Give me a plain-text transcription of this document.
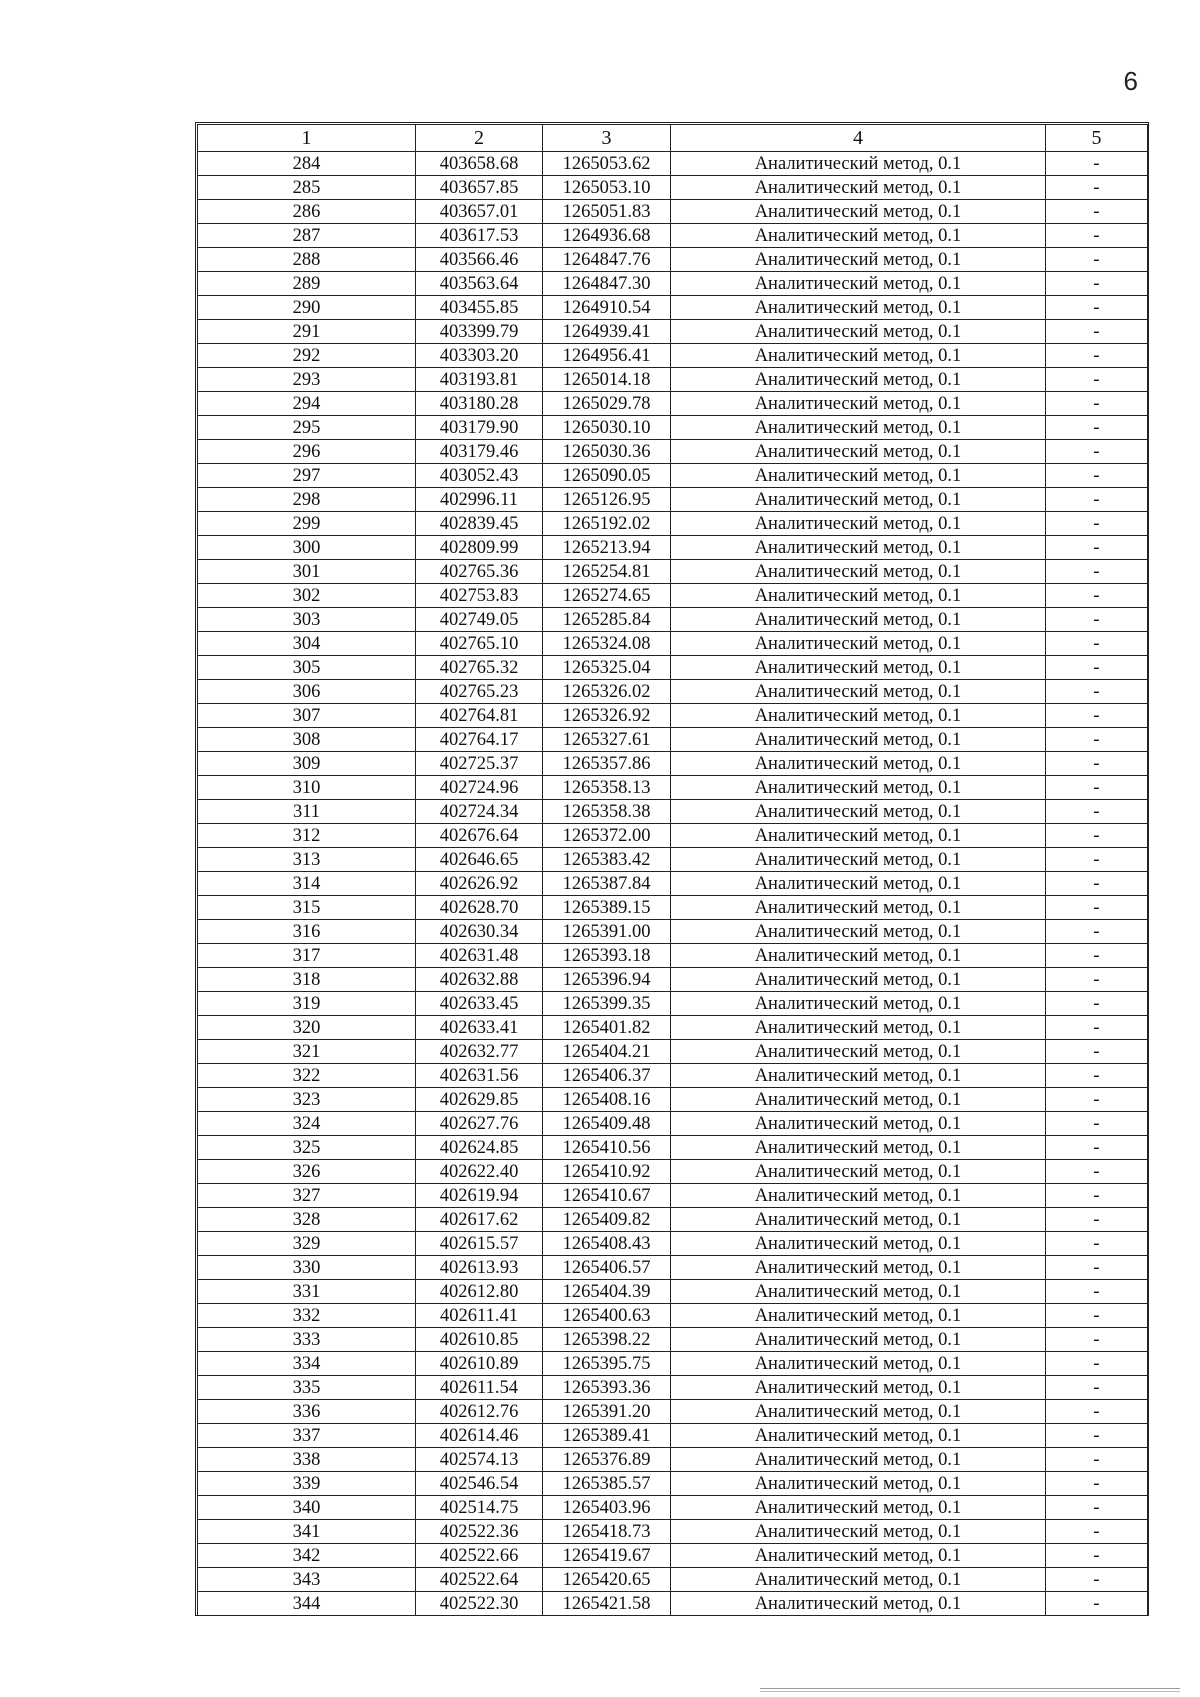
6
1	2	3	4	5
284	403658.68	1265053.62	Аналитический метод, 0.1	-
285	403657.85	1265053.10	Аналитический метод, 0.1	-
286	403657.01	1265051.83	Аналитический метод, 0.1	-
287	403617.53	1264936.68	Аналитический метод, 0.1	-
288	403566.46	1264847.76	Аналитический метод, 0.1	-
289	403563.64	1264847.30	Аналитический метод, 0.1	-
290	403455.85	1264910.54	Аналитический метод, 0.1	-
291	403399.79	1264939.41	Аналитический метод, 0.1	-
292	403303.20	1264956.41	Аналитический метод, 0.1	-
293	403193.81	1265014.18	Аналитический метод, 0.1	-
294	403180.28	1265029.78	Аналитический метод, 0.1	-
295	403179.90	1265030.10	Аналитический метод, 0.1	-
296	403179.46	1265030.36	Аналитический метод, 0.1	-
297	403052.43	1265090.05	Аналитический метод, 0.1	-
298	402996.11	1265126.95	Аналитический метод, 0.1	-
299	402839.45	1265192.02	Аналитический метод, 0.1	-
300	402809.99	1265213.94	Аналитический метод, 0.1	-
301	402765.36	1265254.81	Аналитический метод, 0.1	-
302	402753.83	1265274.65	Аналитический метод, 0.1	-
303	402749.05	1265285.84	Аналитический метод, 0.1	-
304	402765.10	1265324.08	Аналитический метод, 0.1	-
305	402765.32	1265325.04	Аналитический метод, 0.1	-
306	402765.23	1265326.02	Аналитический метод, 0.1	-
307	402764.81	1265326.92	Аналитический метод, 0.1	-
308	402764.17	1265327.61	Аналитический метод, 0.1	-
309	402725.37	1265357.86	Аналитический метод, 0.1	-
310	402724.96	1265358.13	Аналитический метод, 0.1	-
311	402724.34	1265358.38	Аналитический метод, 0.1	-
312	402676.64	1265372.00	Аналитический метод, 0.1	-
313	402646.65	1265383.42	Аналитический метод, 0.1	-
314	402626.92	1265387.84	Аналитический метод, 0.1	-
315	402628.70	1265389.15	Аналитический метод, 0.1	-
316	402630.34	1265391.00	Аналитический метод, 0.1	-
317	402631.48	1265393.18	Аналитический метод, 0.1	-
318	402632.88	1265396.94	Аналитический метод, 0.1	-
319	402633.45	1265399.35	Аналитический метод, 0.1	-
320	402633.41	1265401.82	Аналитический метод, 0.1	-
321	402632.77	1265404.21	Аналитический метод, 0.1	-
322	402631.56	1265406.37	Аналитический метод, 0.1	-
323	402629.85	1265408.16	Аналитический метод, 0.1	-
324	402627.76	1265409.48	Аналитический метод, 0.1	-
325	402624.85	1265410.56	Аналитический метод, 0.1	-
326	402622.40	1265410.92	Аналитический метод, 0.1	-
327	402619.94	1265410.67	Аналитический метод, 0.1	-
328	402617.62	1265409.82	Аналитический метод, 0.1	-
329	402615.57	1265408.43	Аналитический метод, 0.1	-
330	402613.93	1265406.57	Аналитический метод, 0.1	-
331	402612.80	1265404.39	Аналитический метод, 0.1	-
332	402611.41	1265400.63	Аналитический метод, 0.1	-
333	402610.85	1265398.22	Аналитический метод, 0.1	-
334	402610.89	1265395.75	Аналитический метод, 0.1	-
335	402611.54	1265393.36	Аналитический метод, 0.1	-
336	402612.76	1265391.20	Аналитический метод, 0.1	-
337	402614.46	1265389.41	Аналитический метод, 0.1	-
338	402574.13	1265376.89	Аналитический метод, 0.1	-
339	402546.54	1265385.57	Аналитический метод, 0.1	-
340	402514.75	1265403.96	Аналитический метод, 0.1	-
341	402522.36	1265418.73	Аналитический метод, 0.1	-
342	402522.66	1265419.67	Аналитический метод, 0.1	-
343	402522.64	1265420.65	Аналитический метод, 0.1	-
344	402522.30	1265421.58	Аналитический метод, 0.1	-
